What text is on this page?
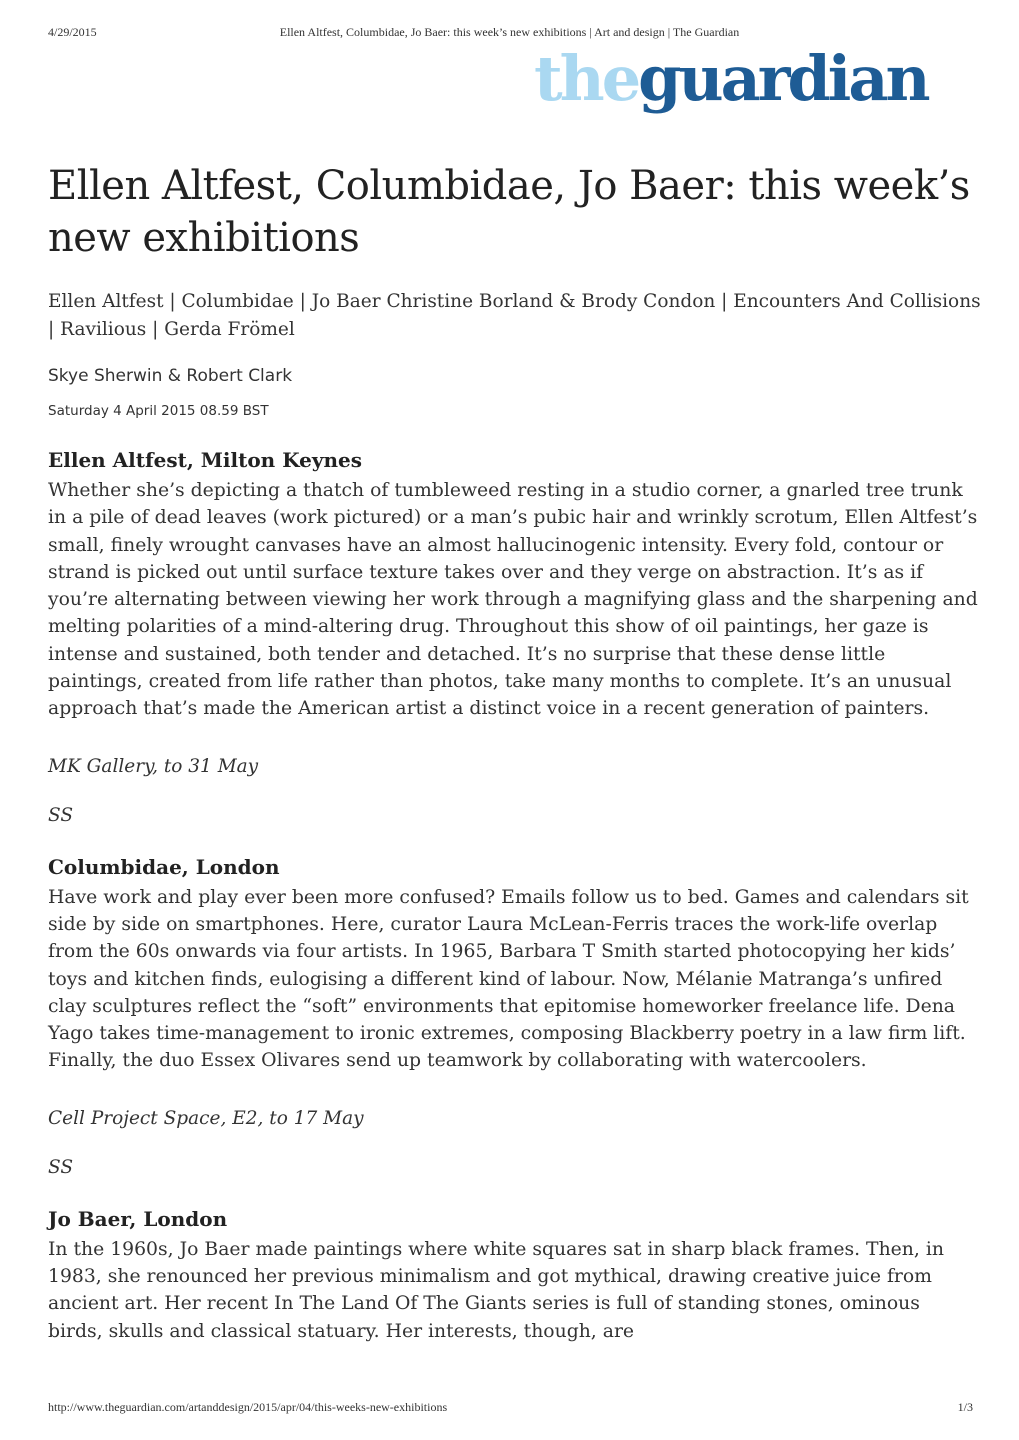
4/29/2015	Ellen Altfest, Columbidae, Jo Baer: this week’s new exhibitions | Art and design | The Guardian
theguardian
Ellen Altfest, Columbidae, Jo Baer: this week’s new exhibitions

Ellen Altfest | Columbidae | Jo Baer Christine Borland & Brody Condon | Encounters And Collisions | Ravilious | Gerda Frömel

Skye Sherwin & Robert Clark
Saturday 4 April 2015 08.59 BST
Ellen Altfest, Milton Keynes

Whether she’s depicting a thatch of tumbleweed resting in a studio corner, a gnarled tree trunk in a pile of dead leaves (work pictured) or a man’s pubic hair and wrinkly scrotum, Ellen Altfest’s small, finely wrought canvases have an almost hallucinogenic intensity. Every fold, contour or strand is picked out until surface texture takes over and they verge on abstraction. It’s as if you’re alternating between viewing her work through a magnifying glass and the sharpening and melting polarities of a mind-altering drug. Throughout this show of oil paintings, her gaze is intense and sustained, both tender and detached. It’s no surprise that these dense little paintings, created from life rather than photos, take many months to complete. It’s an unusual approach that’s made the American artist a distinct voice in a recent generation of painters.

MK Gallery, to 31 May

SS

Columbidae, London

Have work and play ever been more confused? Emails follow us to bed. Games and calendars sit side by side on smartphones. Here, curator Laura McLean-Ferris traces the work-life overlap from the 60s onwards via four artists. In 1965, Barbara T Smith started photocopying her kids’ toys and kitchen finds, eulogising a different kind of labour. Now, Mélanie Matranga’s unfired clay sculptures reflect the “soft” environments that epitomise homeworker freelance life. Dena Yago takes time-management to ironic extremes, composing Blackberry poetry in a law firm lift. Finally, the duo Essex Olivares send up teamwork by collaborating with watercoolers.

Cell Project Space, E2, to 17 May

SS

Jo Baer, London

In the 1960s, Jo Baer made paintings where white squares sat in sharp black frames. Then, in 1983, she renounced her previous minimalism and got mythical, drawing creative juice from ancient art. Her recent In The Land Of The Giants series is full of standing stones, ominous birds, skulls and classical statuary. Her interests, though, are

http://www.theguardian.com/artanddesign/2015/apr/04/this-weeks-new-exhibitions	1/3
